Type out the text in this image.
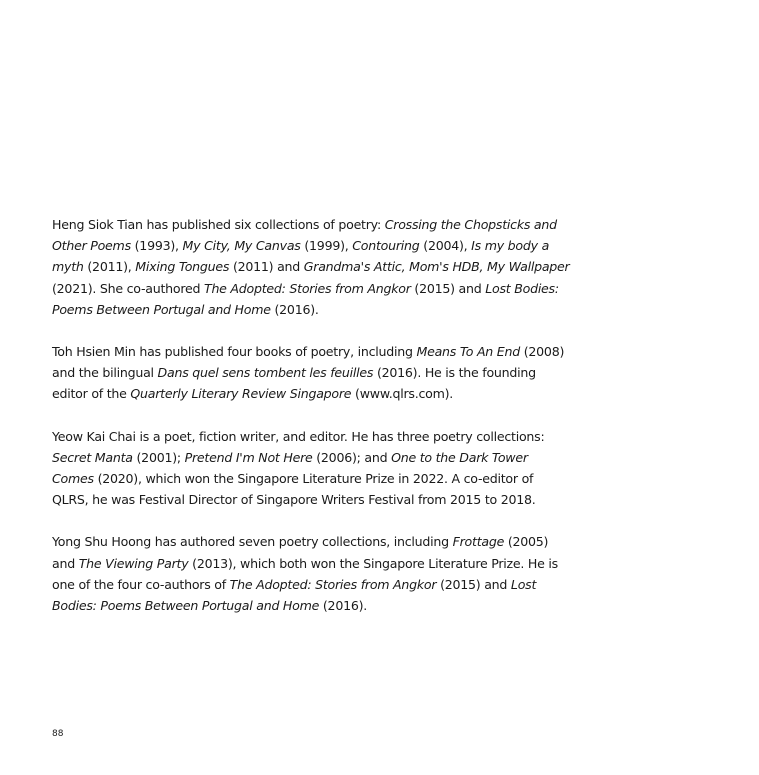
Heng Siok Tian has published six collections of poetry: Crossing the Chopsticks and Other Poems (1993), My City, My Canvas (1999), Contouring (2004), Is my body a myth (2011), Mixing Tongues (2011) and Grandma's Attic, Mom's HDB, My Wallpaper (2021). She co-authored The Adopted: Stories from Angkor (2015) and Lost Bodies: Poems Between Portugal and Home (2016).

Toh Hsien Min has published four books of poetry, including Means To An End (2008) and the bilingual Dans quel sens tombent les feuilles (2016). He is the founding editor of the Quarterly Literary Review Singapore (www.qlrs.com).

Yeow Kai Chai is a poet, fiction writer, and editor. He has three poetry collections: Secret Manta (2001); Pretend I'm Not Here (2006); and One to the Dark Tower Comes (2020), which won the Singapore Literature Prize in 2022. A co-editor of QLRS, he was Festival Director of Singapore Writers Festival from 2015 to 2018.

Yong Shu Hoong has authored seven poetry collections, including Frottage (2005) and The Viewing Party (2013), which both won the Singapore Literature Prize. He is one of the four co-authors of The Adopted: Stories from Angkor (2015) and Lost Bodies: Poems Between Portugal and Home (2016).

88
